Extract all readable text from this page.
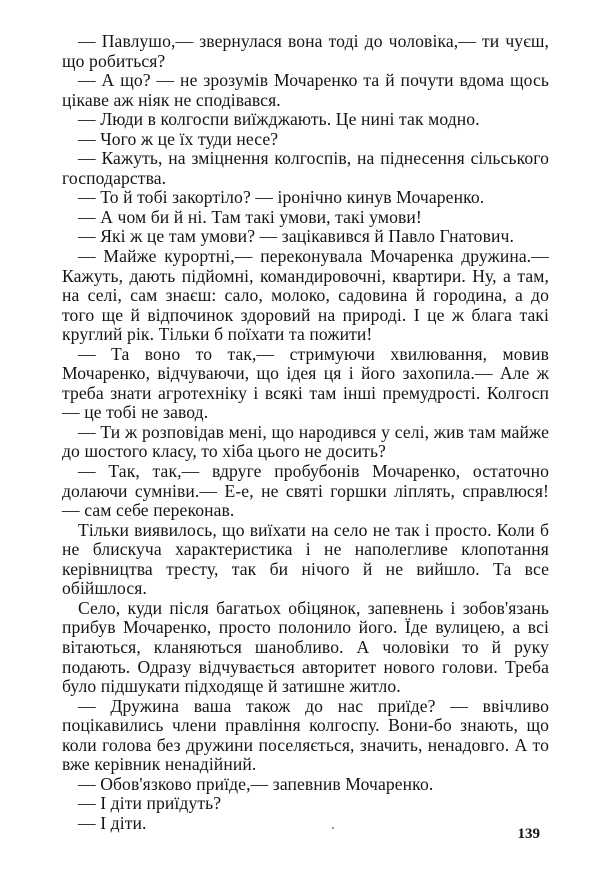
— Павлушо,— звернулася вона тоді до чоловіка,— ти чуєш, що робиться?

— А що? — не зрозумів Мочаренко та й почути вдома щось цікаве аж ніяк не сподівався.

— Люди в колгоспи виїжджають. Це нині так модно.

— Чого ж це їх туди несе?

— Кажуть, на зміцнення колгоспів, на піднесення сільського господарства.

— То й тобі закортіло? — іронічно кинув Мочаренко.

— А чом би й ні. Там такі умови, такі умови!

— Які ж це там умови? — зацікавився й Павло Гнатович.

— Майже курортні,— переконувала Мочаренка дружина.— Кажуть, дають підйомні, командировочні, квартири. Ну, а там, на селі, сам знаєш: сало, молоко, садовина й городина, а до того ще й відпочинок здоровий на природі. І це ж блага такі круглий рік. Тільки б поїхати та пожити!

— Та воно то так,— стримуючи хвилювання, мовив Мочаренко, відчуваючи, що ідея ця і його захопила.— Але ж треба знати агротехніку і всякі там інші премудрості. Колгосп — це тобі не завод.

— Ти ж розповідав мені, що народився у селі, жив там майже до шостого класу, то хіба цього не досить?

— Так, так,— вдруге пробубонів Мочаренко, остаточно долаючи сумніви.— Е-е, не святі горшки ліплять, справлюся! — сам себе переконав.

Тільки виявилось, що виїхати на село не так і просто. Коли б не блискуча характеристика і не наполегливе клопотання керівництва тресту, так би нічого й не вийшло. Та все обійшлося.

Село, куди після багатьох обіцянок, запевнень і зобов'язань прибув Мочаренко, просто полонило його. Їде вулицею, а всі вітаються, кланяються шанобливо. А чоловіки то й руку подають. Одразу відчувається авторитет нового голови. Треба було підшукати підходяще й затишне житло.

— Дружина ваша також до нас приїде? — ввічливо поцікавились члени правління колгоспу. Вони-бо знають, що коли голова без дружини поселяється, значить, ненадовго. А то вже керівник ненадійний.

— Обов'язково приїде,— запевнив Мочаренко.

— І діти приїдуть?

— І діти.

139
